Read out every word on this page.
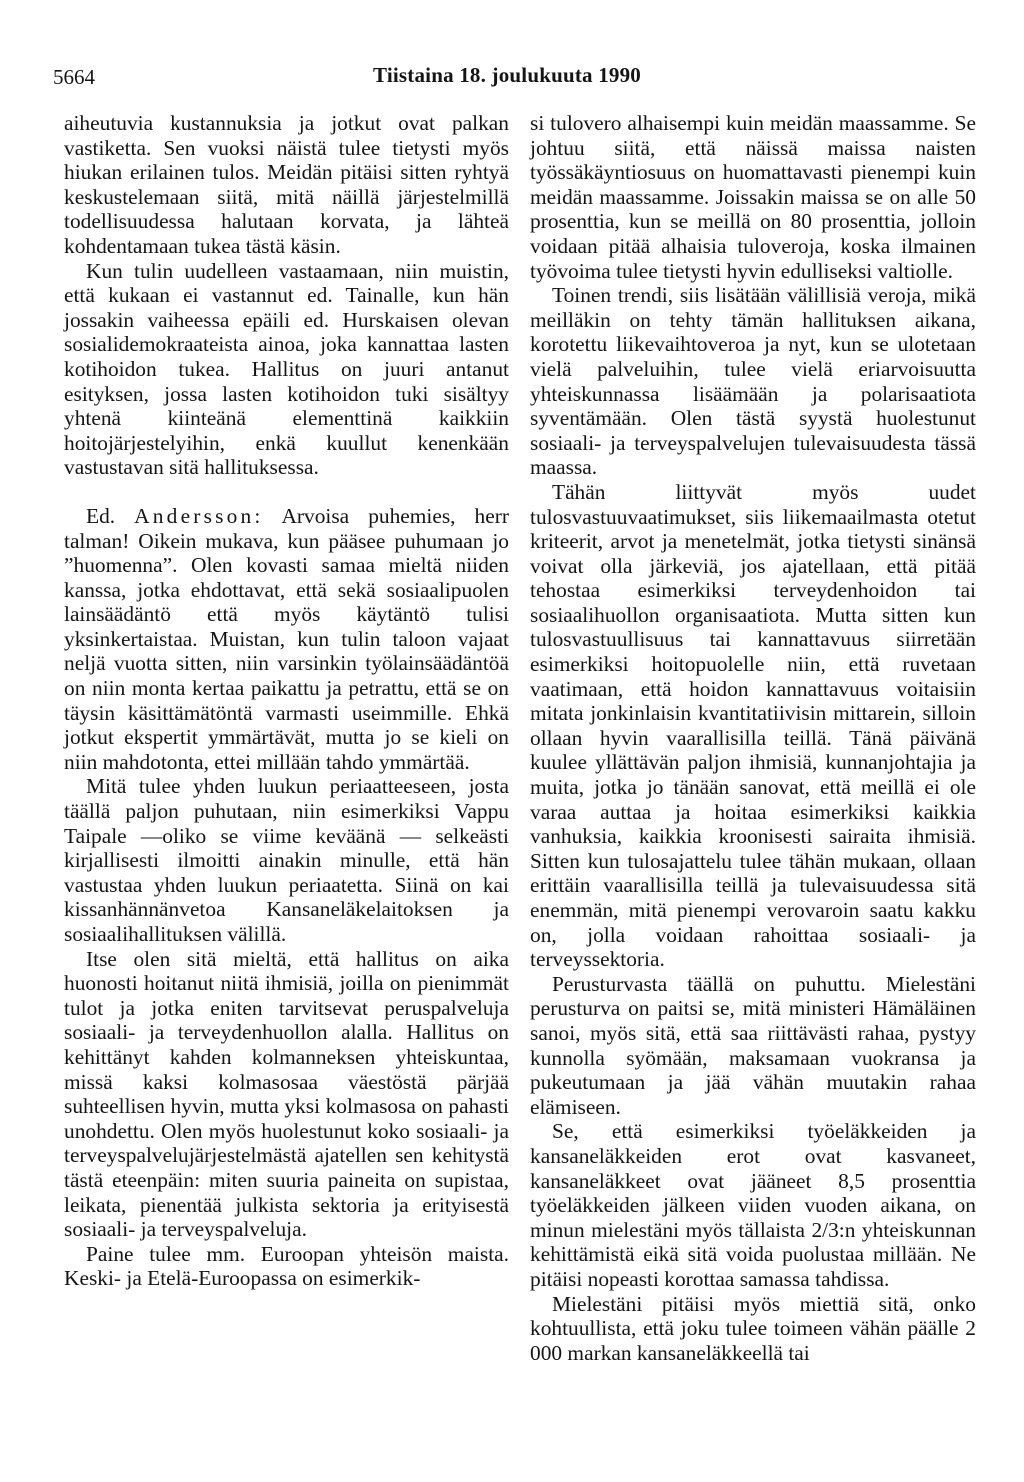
5664	Tiistaina 18. joulukuuta 1990

aiheutuvia kustannuksia ja jotkut ovat palkan vastiketta. Sen vuoksi näistä tulee tietysti myös hiukan erilainen tulos. Meidän pitäisi sitten ryhtyä keskustelemaan siitä, mitä näillä järjestelmillä todellisuudessa halutaan korvata, ja lähteä kohdentamaan tukea tästä käsin.

Kun tulin uudelleen vastaamaan, niin muistin, että kukaan ei vastannut ed. Tainalle, kun hän jossakin vaiheessa epäili ed. Hurskaisen olevan sosialidemokraateista ainoa, joka kannattaa lasten kotihoidon tukea. Hallitus on juuri antanut esityksen, jossa lasten kotihoidon tuki sisältyy yhtenä kiinteänä elementtinä kaikkiin hoitojärjestelyihin, enkä kuullut kenenkään vastustavan sitä hallituksessa.

Ed. Andersson: Arvoisa puhemies, herr talman! Oikein mukava, kun pääsee puhumaan jo ”huomenna”. Olen kovasti samaa mieltä niiden kanssa, jotka ehdottavat, että sekä sosiaalipuolen lainsäädäntö että myös käytäntö tulisi yksinkertaistaa. Muistan, kun tulin taloon vajaat neljä vuotta sitten, niin varsinkin työlainsäädäntöä on niin monta kertaa paikattu ja petrattu, että se on täysin käsittämätöntä varmasti useimmille. Ehkä jotkut ekspertit ymmärtävät, mutta jo se kieli on niin mahdotonta, ettei millään tahdo ymmärtää.

Mitä tulee yhden luukun periaatteeseen, josta täällä paljon puhutaan, niin esimerkiksi Vappu Taipale —oliko se viime keväänä — selkeästi kirjallisesti ilmoitti ainakin minulle, että hän vastustaa yhden luukun periaatetta. Siinä on kai kissanhännänvetoa Kansaneläkelaitoksen ja sosiaalihallituksen välillä.

Itse olen sitä mieltä, että hallitus on aika huonosti hoitanut niitä ihmisiä, joilla on pienimmät tulot ja jotka eniten tarvitsevat peruspalveluja sosiaali- ja terveydenhuollon alalla. Hallitus on kehittänyt kahden kolmanneksen yhteiskuntaa, missä kaksi kolmasosaa väestöstä pärjää suhteellisen hyvin, mutta yksi kolmasosa on pahasti unohdettu. Olen myös huolestunut koko sosiaali- ja terveyspalvelujärjestelmästä ajatellen sen kehitystä tästä eteenpäin: miten suuria paineita on supistaa, leikata, pienentää julkista sektoria ja erityisestä sosiaali- ja terveyspalveluja.

Paine tulee mm. Euroopan yhteisön maista. Keski- ja Etelä-Euroopassa on esimerkik-

si tulovero alhaisempi kuin meidän maassamme. Se johtuu siitä, että näissä maissa naisten työssäkäyntiosuus on huomattavasti pienempi kuin meidän maassamme. Joissakin maissa se on alle 50 prosenttia, kun se meillä on 80 prosenttia, jolloin voidaan pitää alhaisia tuloveroja, koska ilmainen työvoima tulee tietysti hyvin edulliseksi valtiolle.

Toinen trendi, siis lisätään välillisiä veroja, mikä meilläkin on tehty tämän hallituksen aikana, korotettu liikevaihtoveroa ja nyt, kun se ulotetaan vielä palveluihin, tulee vielä eriarvoisuutta yhteiskunnassa lisäämään ja polarisaatiota syventämään. Olen tästä syystä huolestunut sosiaali- ja terveyspalvelujen tulevaisuudesta tässä maassa.

Tähän liittyvät myös uudet tulosvastuuvaatimukset, siis liikemaailmasta otetut kriteerit, arvot ja menetelmät, jotka tietysti sinänsä voivat olla järkeviä, jos ajatellaan, että pitää tehostaa esimerkiksi terveydenhoidon tai sosiaalihuollon organisaatiota. Mutta sitten kun tulosvastuullisuus tai kannattavuus siirretään esimerkiksi hoitopuolelle niin, että ruvetaan vaatimaan, että hoidon kannattavuus voitaisiin mitata jonkinlaisin kvantitatiivisin mittarein, silloin ollaan hyvin vaarallisilla teillä. Tänä päivänä kuulee yllättävän paljon ihmisiä, kunnanjohtajia ja muita, jotka jo tänään sanovat, että meillä ei ole varaa auttaa ja hoitaa esimerkiksi kaikkia vanhuksia, kaikkia kroonisesti sairaita ihmisiä. Sitten kun tulosajattelu tulee tähän mukaan, ollaan erittäin vaarallisilla teillä ja tulevaisuudessa sitä enemmän, mitä pienempi verovaroin saatu kakku on, jolla voidaan rahoittaa sosiaali- ja terveyssektoria.

Perusturvasta täällä on puhuttu. Mielestäni perusturva on paitsi se, mitä ministeri Hämäläinen sanoi, myös sitä, että saa riittävästi rahaa, pystyy kunnolla syömään, maksamaan vuokransa ja pukeutumaan ja jää vähän muutakin rahaa elämiseen.

Se, että esimerkiksi työeläkkeiden ja kansaneläkkeiden erot ovat kasvaneet, kansaneläkkeet ovat jääneet 8,5 prosenttia työeläkkeiden jälkeen viiden vuoden aikana, on minun mielestäni myös tällaista 2/3:n yhteiskunnan kehittämistä eikä sitä voida puolustaa millään. Ne pitäisi nopeasti korottaa samassa tahdissa.

Mielestäni pitäisi myös miettiä sitä, onko kohtuullista, että joku tulee toimeen vähän päälle 2 000 markan kansaneläkkeellä tai
